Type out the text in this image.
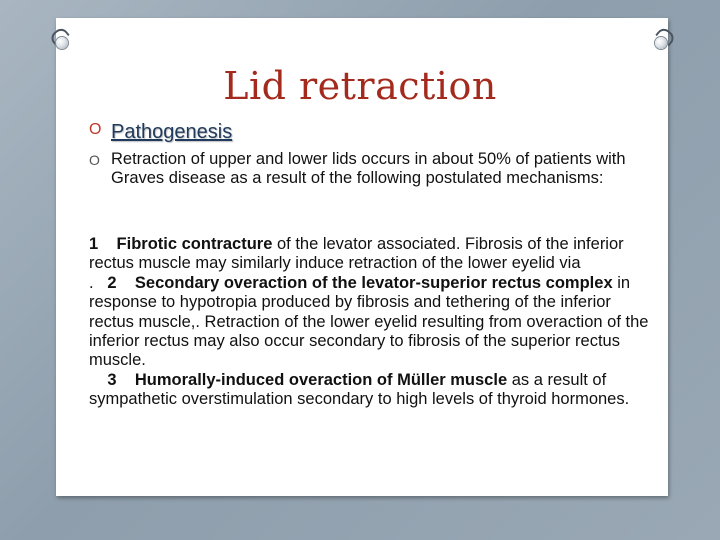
Lid retraction
O Pathogenesis
O Retraction of upper and lower lids occurs in about 50% of patients with Graves disease as a result of the following postulated mechanisms:
1 Fibrotic contracture of the levator associated. Fibrosis of the inferior rectus muscle may similarly induce retraction of the lower eyelid via . 2 Secondary overaction of the levator-superior rectus complex in response to hypotropia produced by fibrosis and tethering of the inferior rectus muscle,. Retraction of the lower eyelid resulting from overaction of the inferior rectus may also occur secondary to fibrosis of the superior rectus muscle.
3 Humorally-induced overaction of Müller muscle as a result of sympathetic overstimulation secondary to high levels of thyroid hormones.
